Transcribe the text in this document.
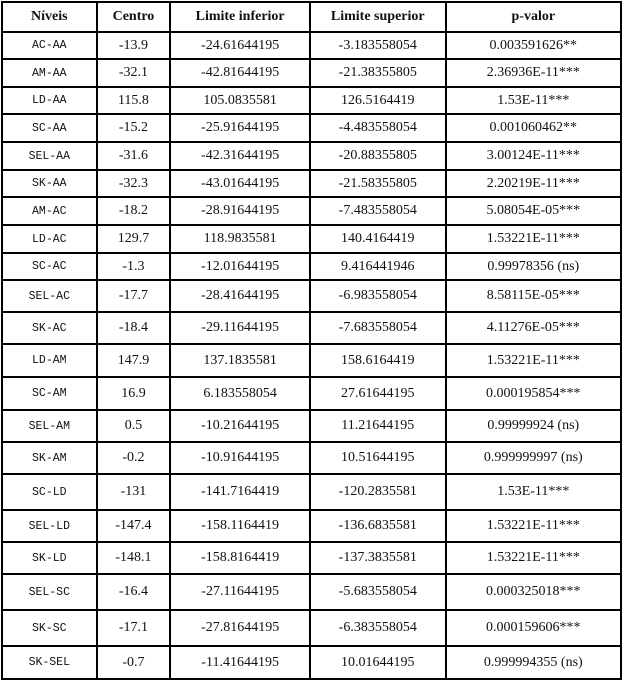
Níveis	Centro	Limite inferior	Limite superior	p-valor
AC-AA	-13.9	-24.61644195	-3.183558054	0.003591626**
AM-AA	-32.1	-42.81644195	-21.38355805	2.36936E-11***
LD-AA	115.8	105.0835581	126.5164419	1.53E-11***
SC-AA	-15.2	-25.91644195	-4.483558054	0.001060462**
SEL-AA	-31.6	-42.31644195	-20.88355805	3.00124E-11***
SK-AA	-32.3	-43.01644195	-21.58355805	2.20219E-11***
AM-AC	-18.2	-28.91644195	-7.483558054	5.08054E-05***
LD-AC	129.7	118.9835581	140.4164419	1.53221E-11***
SC-AC	-1.3	-12.01644195	9.416441946	0.99978356 (ns)
SEL-AC	-17.7	-28.41644195	-6.983558054	8.58115E-05***
SK-AC	-18.4	-29.11644195	-7.683558054	4.11276E-05***
LD-AM	147.9	137.1835581	158.6164419	1.53221E-11***
SC-AM	16.9	6.183558054	27.61644195	0.000195854***
SEL-AM	0.5	-10.21644195	11.21644195	0.99999924 (ns)
SK-AM	-0.2	-10.91644195	10.51644195	0.999999997 (ns)
SC-LD	-131	-141.7164419	-120.2835581	1.53E-11***
SEL-LD	-147.4	-158.1164419	-136.6835581	1.53221E-11***
SK-LD	-148.1	-158.8164419	-137.3835581	1.53221E-11***
SEL-SC	-16.4	-27.11644195	-5.683558054	0.000325018***
SK-SC	-17.1	-27.81644195	-6.383558054	0.000159606***
SK-SEL	-0.7	-11.41644195	10.01644195	0.999994355 (ns)
